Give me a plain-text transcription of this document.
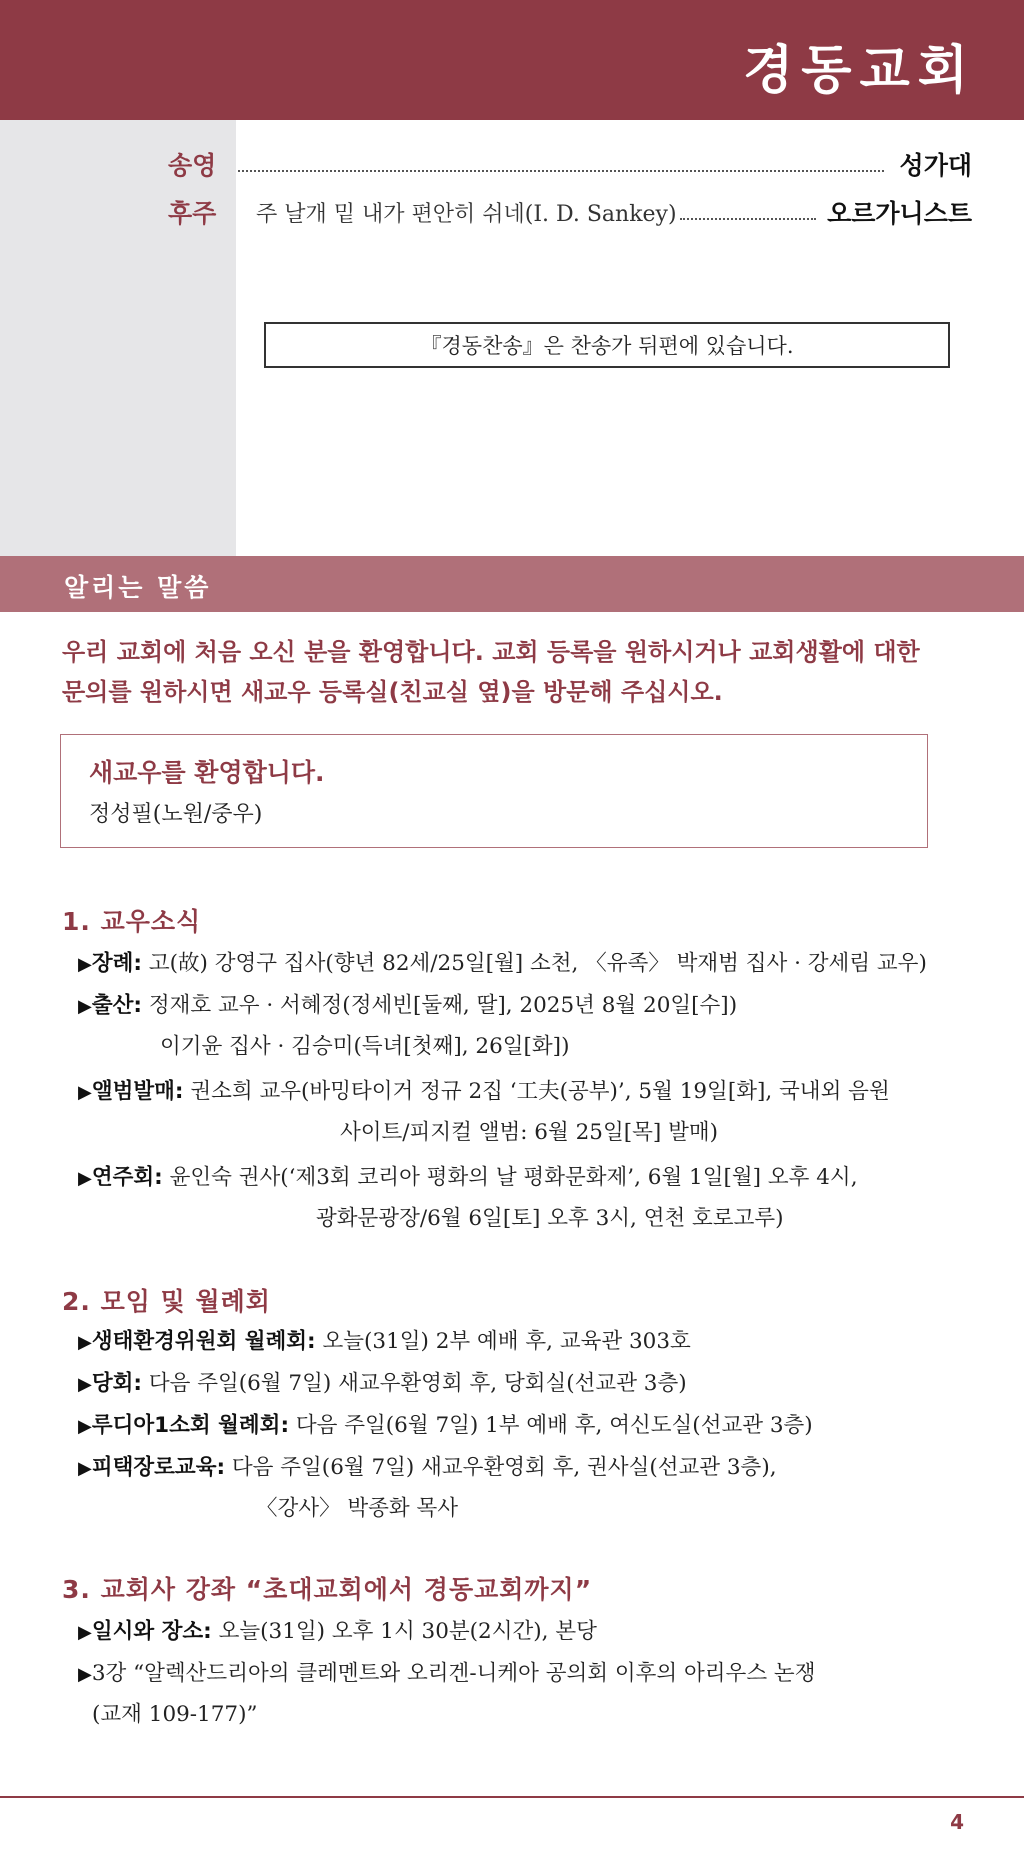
경동교회
송영	성가대
후주	주 날개 밑 내가 편안히 쉬네(I. D. Sankey)	오르가니스트
『경동찬송』은 찬송가 뒤편에 있습니다.
알리는 말씀
우리 교회에 처음 오신 분을 환영합니다. 교회 등록을 원하시거나 교회생활에 대한
문의를 원하시면 새교우 등록실(친교실 옆)을 방문해 주십시오.
새교우를 환영합니다.
정성필(노원/중우)
1. 교우소식
▶장례: 고(故) 강영구 집사(향년 82세/25일[월] 소천, 〈유족〉 박재범 집사 · 강세림 교우)
▶출산: 정재호 교우 · 서혜정(정세빈[둘째, 딸], 2025년 8월 20일[수])
이기윤 집사 · 김승미(득녀[첫째], 26일[화])
▶앨범발매: 권소희 교우(바밍타이거 정규 2집 ‘工夫(공부)’, 5월 19일[화], 국내외 음원
사이트/피지컬 앨범: 6월 25일[목] 발매)
▶연주회: 윤인숙 권사(‘제3회 코리아 평화의 날 평화문화제’, 6월 1일[월] 오후 4시,
광화문광장/6월 6일[토] 오후 3시, 연천 호로고루)
2. 모임 및 월례회
▶생태환경위원회 월례회: 오늘(31일) 2부 예배 후, 교육관 303호
▶당회: 다음 주일(6월 7일) 새교우환영회 후, 당회실(선교관 3층)
▶루디아1소회 월례회: 다음 주일(6월 7일) 1부 예배 후, 여신도실(선교관 3층)
▶피택장로교육: 다음 주일(6월 7일) 새교우환영회 후, 권사실(선교관 3층),
〈강사〉 박종화 목사
3. 교회사 강좌 “초대교회에서 경동교회까지”
▶일시와 장소: 오늘(31일) 오후 1시 30분(2시간), 본당
▶3강 “알렉산드리아의 클레멘트와 오리겐-니케아 공의회 이후의 아리우스 논쟁
(교재 109-177)”
4
